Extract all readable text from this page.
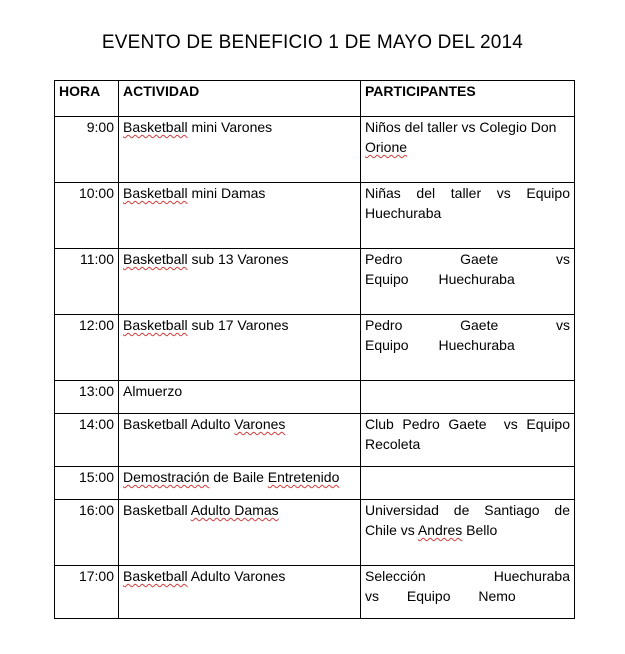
EVENTO DE BENEFICIO 1 DE MAYO DEL 2014
HORA	ACTIVIDAD	PARTICIPANTES
9:00	Basketball mini Varones	Niños del taller vs Colegio Don Orione
10:00	Basketball mini Damas	Niñas del taller vs Equipo Huechuraba
11:00	Basketball sub 13 Varones	Pedro Gaete vs Equipo Huechuraba
12:00	Basketball sub 17 Varones	Pedro Gaete vs Equipo Huechuraba
13:00	Almuerzo	
14:00	Basketball Adulto Varones	Club Pedro Gaete  vs Equipo Recoleta
15:00	Demostración de Baile Entretenido	
16:00	Basketball Adulto Damas	Universidad de Santiago de Chile vs Andres Bello
17:00	Basketball Adulto Varones	Selección Huechuraba vs Equipo Nemo
